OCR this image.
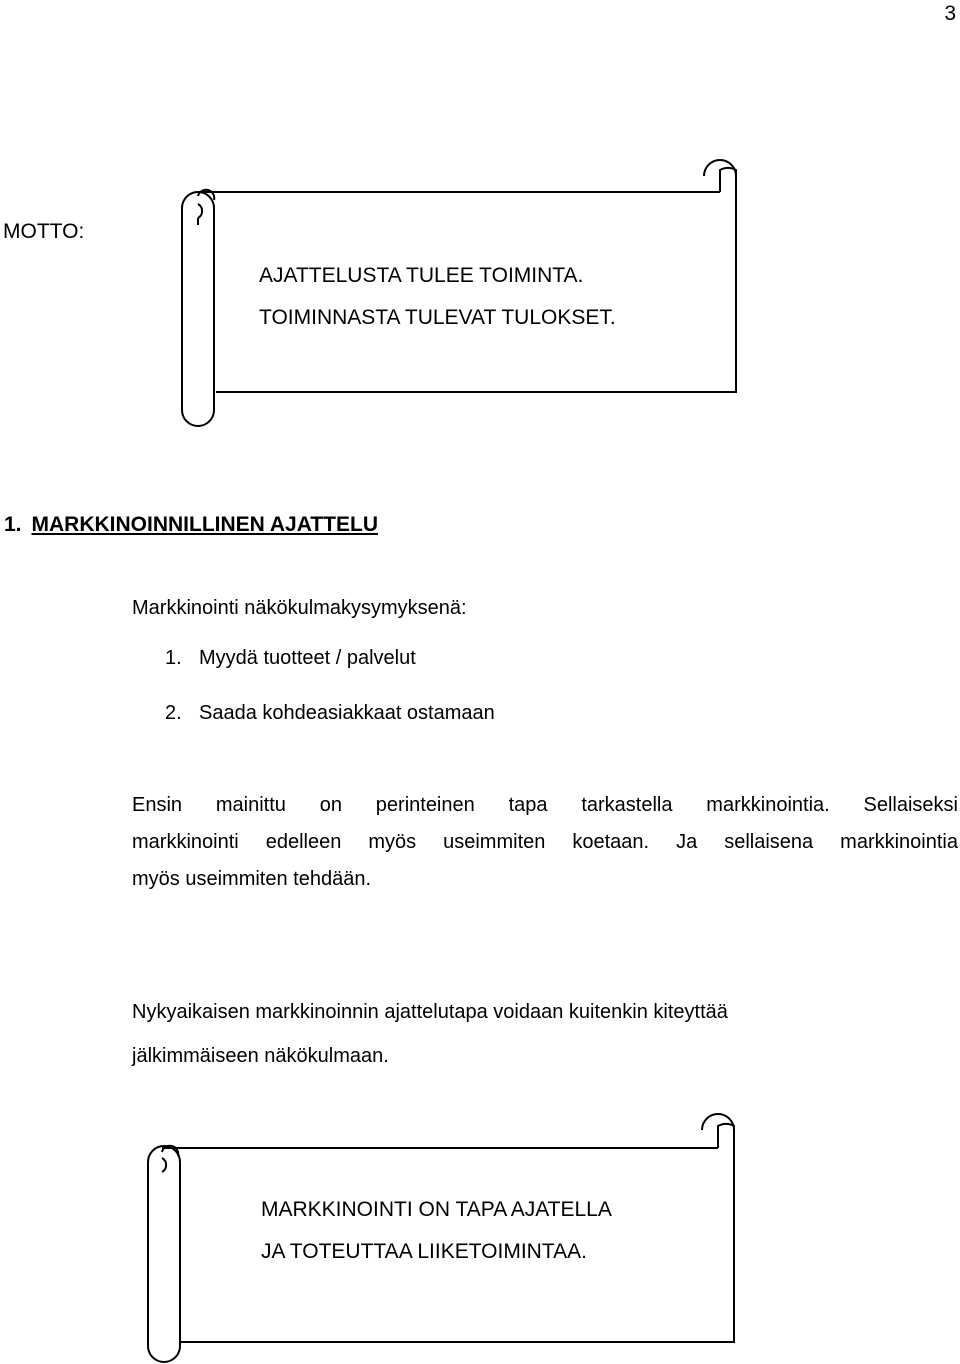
3
MOTTO:
AJATTELUSTA TULEE TOIMINTA.
TOIMINNASTA TULEVAT TULOKSET.
1. MARKKINOINNILLINEN AJATTELU
Markkinointi näkökulmakysymyksenä:
1. Myydä tuotteet / palvelut
2. Saada kohdeasiakkaat ostamaan
Ensin mainittu on perinteinen tapa tarkastella markkinointia. Sellaiseksi
markkinointi edelleen myös useimmiten koetaan. Ja sellaisena markkinointia
myös useimmiten tehdään.
Nykyaikaisen markkinoinnin ajattelutapa voidaan kuitenkin kiteyttää
jälkimmäiseen näkökulmaan.
MARKKINOINTI ON TAPA AJATELLA
JA TOTEUTTAA LIIKETOIMINTAA.
